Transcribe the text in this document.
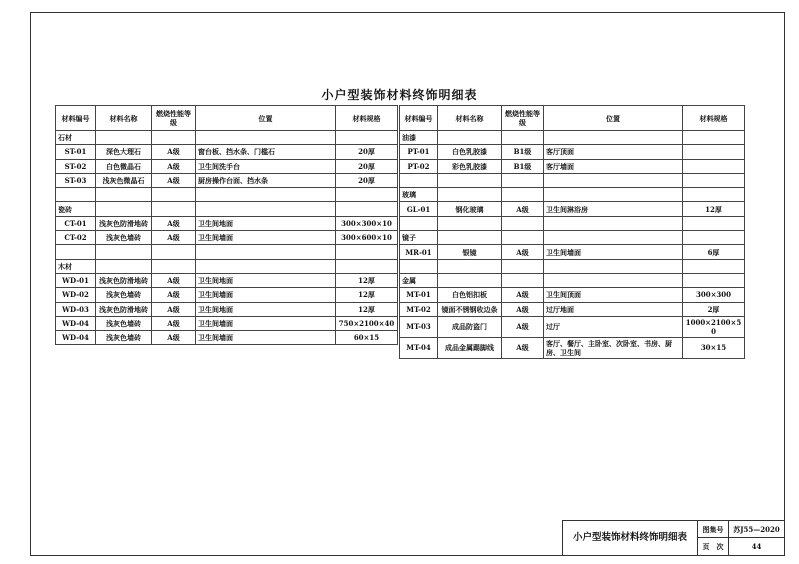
小户型装饰材料终饰明细表
材料编号	材料名称	燃烧性能等级	位置	材料规格
石材				
ST-01	深色大理石	A级	窗台板、挡水条、门槛石	20厚
ST-02	白色微晶石	A级	卫生间洗手台	20厚
ST-03	浅灰色微晶石	A级	厨房操作台面、挡水条	20厚

瓷砖				
CT-01	浅灰色防滑地砖	A级	卫生间地面	300×300×10
CT-02	浅灰色墙砖	A级	卫生间墙面	300×600×10

木材				
WD-01	浅灰色防滑地砖	A级	卫生间地面	12厚
WD-02	浅灰色墙砖	A级	卫生间墙面	12厚
WD-03	浅灰色防滑地砖	A级	卫生间地面	12厚
WD-04	浅灰色墙砖	A级	卫生间墙面	750×2100×40
WD-04	浅灰色墙砖	A级	卫生间墙面	60×15
材料编号	材料名称	燃烧性能等级	位置	材料规格
油漆				
PT-01	白色乳胶漆	B1级	客厅顶面	
PT-02	彩色乳胶漆	B1级	客厅墙面	

玻璃				
GL-01	钢化玻璃	A级	卫生间淋浴房	12厚

镜子				
MR-01	银镜	A级	卫生间墙面	6厚

金属				
MT-01	白色铝扣板	A级	卫生间顶面	300×300
MT-02	镜面不锈钢收边条	A级	过厅地面	2厚
MT-03	成品防盗门	A级	过厅	1000×2100×50
MT-04	成品金属踢脚线	A级	客厅、餐厅、主卧室、次卧室、书房、厨房、卫生间	30×15
小户型装饰材料终饰明细表
图集号	苏J55—2020
页　次	44
